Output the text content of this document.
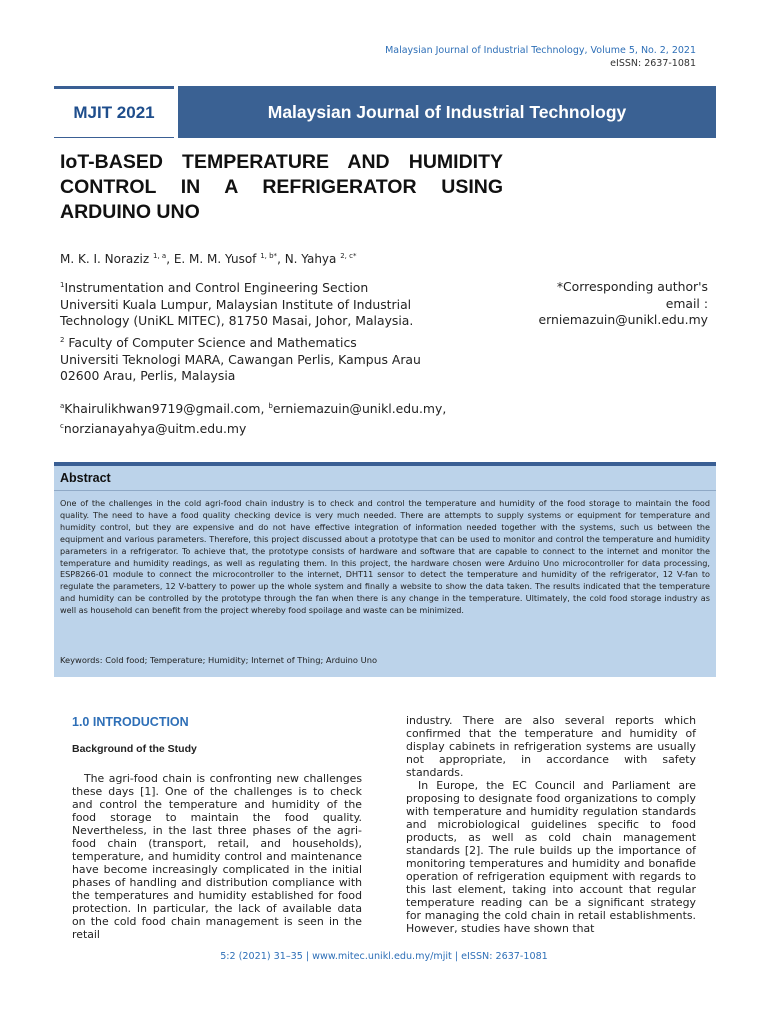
Malaysian Journal of Industrial Technology, Volume 5, No. 2, 2021
eISSN: 2637-1081
MJIT 2021	Malaysian Journal of Industrial Technology
IoT-BASED TEMPERATURE AND HUMIDITY CONTROL IN A REFRIGERATOR USING ARDUINO UNO
M. K. I. Noraziz $^{1, a}$, E. M. M. Yusof $^{1, b*}$, N. Yahya $^{2, c*}$
$^1$Instrumentation and Control Engineering Section
Universiti Kuala Lumpur, Malaysian Institute of Industrial
Technology (UniKL MITEC), 81750 Masai, Johor, Malaysia.
$^2$ Faculty of Computer Science and Mathematics
Universiti Teknologi MARA, Cawangan Perlis, Kampus Arau
02600 Arau, Perlis, Malaysia
$^a$Khairulikhwan9719@gmail.com, $^b$erniemazuin@unikl.edu.my,
$^c$norzianayahya@uitm.edu.my
*Corresponding author's
email :
erniemazuin@unikl.edu.my
Abstract
One of the challenges in the cold agri-food chain industry is to check and control the temperature and humidity of the food storage to maintain the food quality. The need to have a food quality checking device is very much needed. There are attempts to supply systems or equipment for temperature and humidity control, but they are expensive and do not have effective integration of information needed together with the systems, such us between the equipment and various parameters. Therefore, this project discussed about a prototype that can be used to monitor and control the temperature and humidity parameters in a refrigerator. To achieve that, the prototype consists of hardware and software that are capable to connect to the internet and monitor the temperature and humidity readings, as well as regulating them. In this project, the hardware chosen were Arduino Uno microcontroller for data processing, ESP8266-01 module to connect the microcontroller to the internet, DHT11 sensor to detect the temperature and humidity of the refrigerator, 12 V-fan to regulate the parameters, 12 V-battery to power up the whole system and finally a website to show the data taken. The results indicated that the temperature and humidity can be controlled by the prototype through the fan when there is any change in the temperature. Ultimately, the cold food storage industry as well as household can benefit from the project whereby food spoilage and waste can be minimized.
Keywords: Cold food; Temperature; Humidity; Internet of Thing; Arduino Uno
1.0 INTRODUCTION
Background of the Study

The agri-food chain is confronting new challenges these days [1]. One of the challenges is to check and control the temperature and humidity of the food storage to maintain the food quality. Nevertheless, in the last three phases of the agri-food chain (transport, retail, and households), temperature, and humidity control and maintenance have become increasingly complicated in the initial phases of handling and distribution compliance with the temperatures and humidity established for food protection. In particular, the lack of available data on the cold food chain management is seen in the retail

industry. There are also several reports which confirmed that the temperature and humidity of display cabinets in refrigeration systems are usually not appropriate, in accordance with safety standards.

In Europe, the EC Council and Parliament are proposing to designate food organizations to comply with temperature and humidity regulation standards and microbiological guidelines specific to food products, as well as cold chain management standards [2]. The rule builds up the importance of monitoring temperatures and humidity and bonafide operation of refrigeration equipment with regards to this last element, taking into account that regular temperature reading can be a significant strategy for managing the cold chain in retail establishments. However, studies have shown that

5:2 (2021) 31–35 | www.mitec.unikl.edu.my/mjit | eISSN: 2637-1081
